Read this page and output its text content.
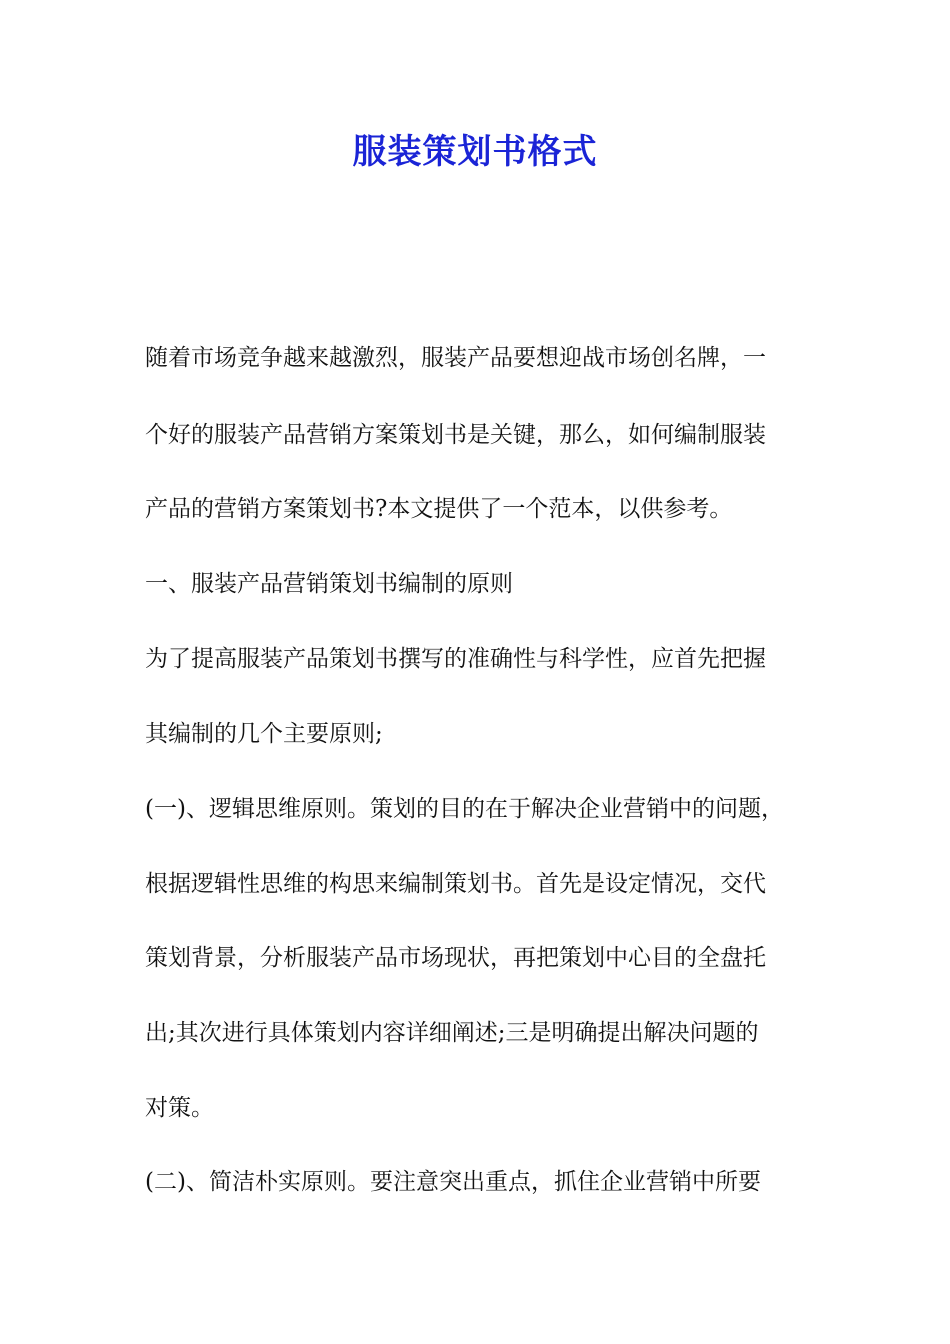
服装策划书格式

随着市场竞争越来越激烈，服装产品要想迎战市场创名牌，一

个好的服装产品营销方案策划书是关键，那么，如何编制服装

产品的营销方案策划书?本文提供了一个范本，以供参考。

一、服装产品营销策划书编制的原则

为了提高服装产品策划书撰写的准确性与科学性，应首先把握

其编制的几个主要原则;

(一)、逻辑思维原则。策划的目的在于解决企业营销中的问题，

根据逻辑性思维的构思来编制策划书。首先是设定情况，交代

策划背景，分析服装产品市场现状，再把策划中心目的全盘托

出;其次进行具体策划内容详细阐述;三是明确提出解决问题的

对策。

(二)、简洁朴实原则。要注意突出重点，抓住企业营销中所要
